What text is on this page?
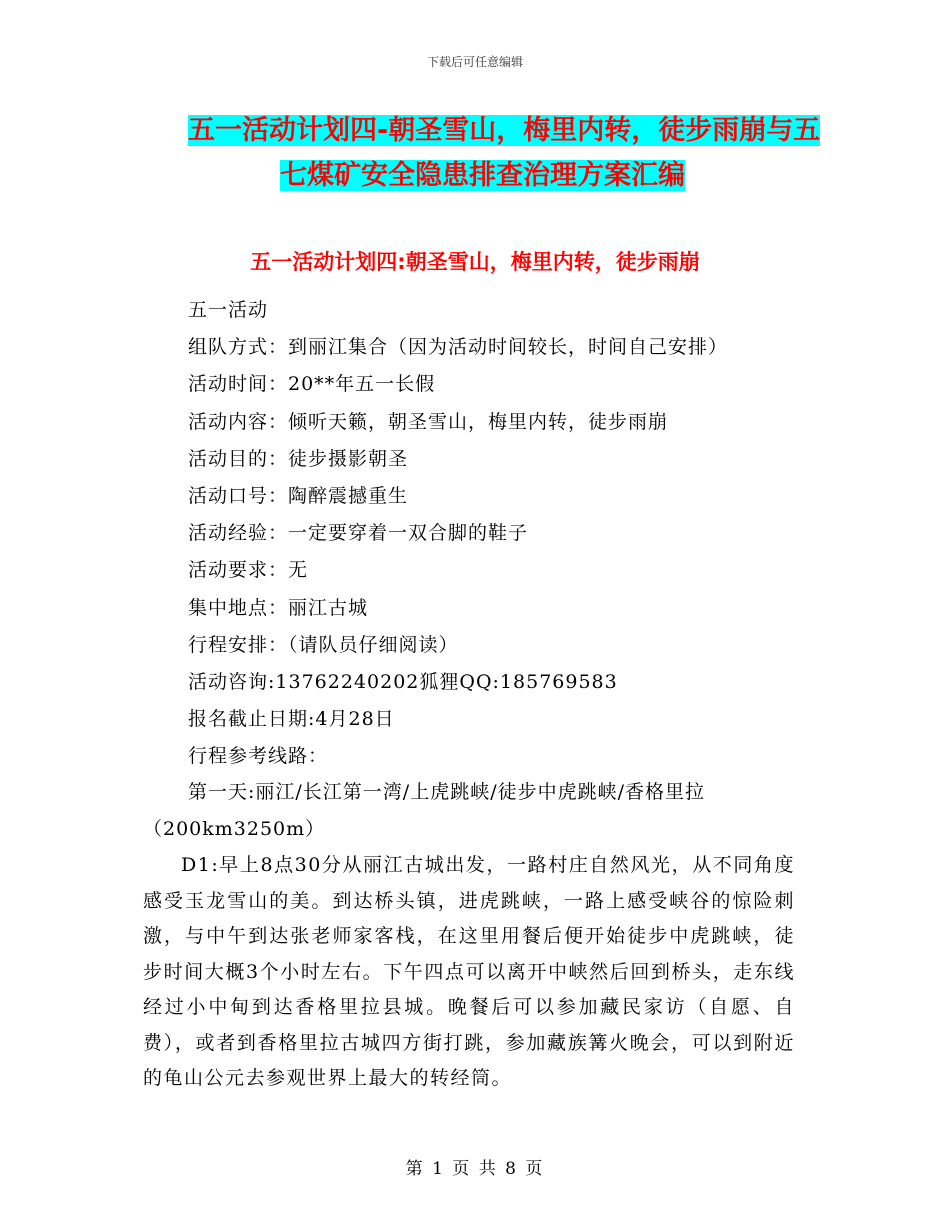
下载后可任意编辑
五一活动计划四-朝圣雪山，梅里内转，徒步雨崩与五
七煤矿安全隐患排查治理方案汇编
五一活动计划四:朝圣雪山，梅里内转，徒步雨崩
五一活动
组队方式：到丽江集合（因为活动时间较长，时间自己安排）
活动时间：20**年五一长假
活动内容：倾听天籁，朝圣雪山，梅里内转，徒步雨崩
活动目的：徒步摄影朝圣
活动口号：陶醉震撼重生
活动经验：一定要穿着一双合脚的鞋子
活动要求：无
集中地点：丽江古城
行程安排：（请队员仔细阅读）
活动咨询:13762240202狐狸QQ:185769583
报名截止日期:4月28日
行程参考线路：
第一天:丽江/长江第一湾/上虎跳峡/徒步中虎跳峡/香格里拉
（200km3250m）
D1:早上8点30分从丽江古城出发，一路村庄自然风光，从不同角度感受玉龙雪山的美。到达桥头镇，进虎跳峡，一路上感受峡谷的惊险刺激，与中午到达张老师家客栈，在这里用餐后便开始徒步中虎跳峡，徒步时间大概3个小时左右。下午四点可以离开中峡然后回到桥头，走东线经过小中甸到达香格里拉县城。晚餐后可以参加藏民家访（自愿、自费），或者到香格里拉古城四方街打跳，参加藏族篝火晚会，可以到附近的龟山公元去参观世界上最大的转经筒。
第 1 页 共 8 页
